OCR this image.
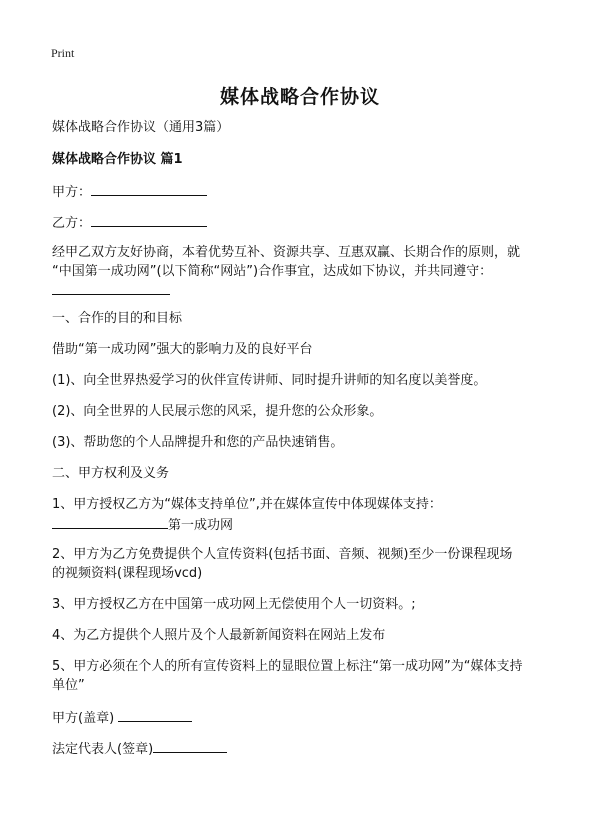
Print
媒体战略合作协议
媒体战略合作协议（通用3篇）
媒体战略合作协议 篇1
甲方：
乙方：
经甲乙双方友好协商，本着优势互补、资源共享、互惠双赢、长期合作的原则，就
“中国第一成功网”(以下简称“网站”)合作事宜，达成如下协议，并共同遵守：
一、合作的目的和目标
借助“第一成功网”强大的影响力及的良好平台
(1)、向全世界热爱学习的伙伴宣传讲师、同时提升讲师的知名度以美誉度。
(2)、向全世界的人民展示您的风采，提升您的公众形象。
(3)、帮助您的个人品牌提升和您的产品快速销售。
二、甲方权利及义务
1、甲方授权乙方为“媒体支持单位”,并在媒体宣传中体现媒体支持：
第一成功网
2、甲方为乙方免费提供个人宣传资料(包括书面、音频、视频)至少一份课程现场
的视频资料(课程现场vcd)
3、甲方授权乙方在中国第一成功网上无偿使用个人一切资料。;
4、为乙方提供个人照片及个人最新新闻资料在网站上发布
5、甲方必须在个人的所有宣传资料上的显眼位置上标注“第一成功网”为“媒体支持
单位”
甲方(盖章)
法定代表人(签章)
